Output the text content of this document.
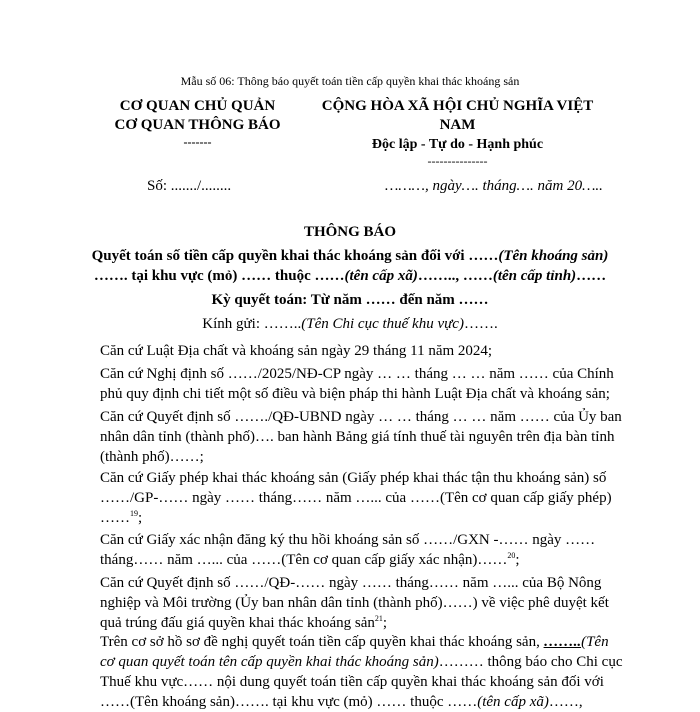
Mẫu số 06: Thông báo quyết toán tiền cấp quyền khai thác khoáng sản
CƠ QUAN CHỦ QUẢN
CƠ QUAN THÔNG BÁO
-------
Số: ......./........
CỘNG HÒA XÃ HỘI CHỦ NGHĨA VIỆT
NAM
Độc lập - Tự do - Hạnh phúc
---------------
………, ngày…. tháng…. năm 20…..
THÔNG BÁO
Quyết toán số tiền cấp quyền khai thác khoáng sản đối với ……(Tên khoáng sản)
……. tại khu vực (mỏ) …… thuộc ……(tên cấp xã)…….., ……(tên cấp tỉnh)……
Kỳ quyết toán: Từ năm …… đến năm ……
Kính gửi: ……..(Tên Chi cục thuế khu vực)…….

Căn cứ Luật Địa chất và khoáng sản ngày 29 tháng 11 năm 2024;

Căn cứ Nghị định số ……/2025/NĐ-CP ngày … … tháng … … năm …… của Chính

phủ quy định chi tiết một số điều và biện pháp thi hành Luật Địa chất và khoáng sản;

Căn cứ Quyết định số ……./QĐ-UBND ngày … … tháng … … năm …… của Ủy ban

nhân dân tỉnh (thành phố)…. ban hành Bảng giá tính thuế tài nguyên trên địa bàn tỉnh

(thành phố)……;

Căn cứ Giấy phép khai thác khoáng sản (Giấy phép khai thác tận thu khoáng sản) số

……/GP-…… ngày …… tháng…… năm …... của ……(Tên cơ quan cấp giấy phép)

……$^{19}$;

Căn cứ Giấy xác nhận đăng ký thu hồi khoáng sản số ……/GXN -…… ngày ……

tháng…… năm …... của ……(Tên cơ quan cấp giấy xác nhận)……$^{20}$;

Căn cứ Quyết định số ……/QĐ-…… ngày …… tháng…… năm …... của Bộ Nông

nghiệp và Môi trường (Ủy ban nhân dân tỉnh (thành phố)……) về việc phê duyệt kết

quả trúng đấu giá quyền khai thác khoáng sản$^{21}$;

Trên cơ sở hồ sơ đề nghị quyết toán tiền cấp quyền khai thác khoáng sản, ……..(Tên

cơ quan quyết toán tên cấp quyền khai thác khoáng sản)……… thông báo cho Chi cục

Thuế khu vực…… nội dung quyết toán tiền cấp quyền khai thác khoáng sản đối với

……(Tên khoáng sản)……. tại khu vực (mỏ) …… thuộc ……(tên cấp xã)……,
